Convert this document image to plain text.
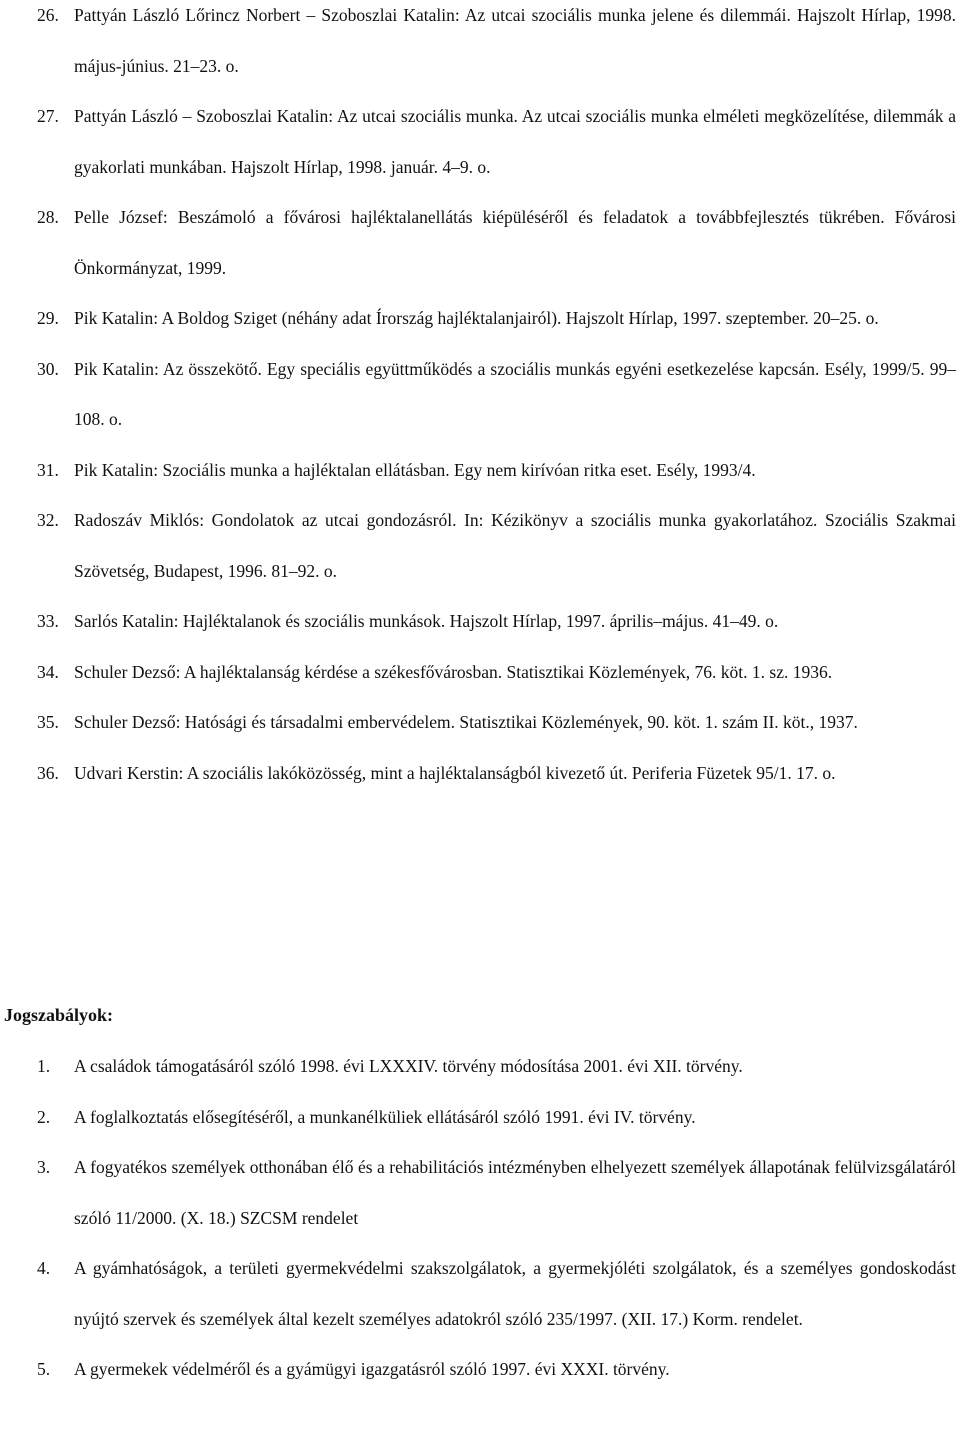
26. Pattyán László Lőrincz Norbert – Szoboszlai Katalin: Az utcai szociális munka jelene és dilemmái. Hajszolt Hírlap, 1998. május-június. 21–23. o.
27. Pattyán László – Szoboszlai Katalin: Az utcai szociális munka. Az utcai szociális munka elméleti megközelítése, dilemmák a gyakorlati munkában. Hajszolt Hírlap, 1998. január. 4–9. o.
28. Pelle József: Beszámoló a fővárosi hajléktalanellátás kiépüléséről és feladatok a továbbfejlesztés tükrében. Fővárosi Önkormányzat, 1999.
29. Pik Katalin: A Boldog Sziget (néhány adat Írország hajléktalanjairól). Hajszolt Hírlap, 1997. szeptember. 20–25. o.
30. Pik Katalin: Az összekötő. Egy speciális együttműködés a szociális munkás egyéni esetkezelése kapcsán. Esély, 1999/5. 99–108. o.
31. Pik Katalin: Szociális munka a hajléktalan ellátásban. Egy nem kirívóan ritka eset. Esély, 1993/4.
32. Radoszáv Miklós: Gondolatok az utcai gondozásról. In: Kézikönyv a szociális munka gyakorlatához. Szociális Szakmai Szövetség, Budapest, 1996. 81–92. o.
33. Sarlós Katalin: Hajléktalanok és szociális munkások. Hajszolt Hírlap, 1997. április–május. 41–49. o.
34. Schuler Dezső: A hajléktalanság kérdése a székesfővárosban. Statisztikai Közlemények, 76. köt. 1. sz. 1936.
35. Schuler Dezső: Hatósági és társadalmi embervédelem. Statisztikai Közlemények, 90. köt. 1. szám II. köt., 1937.
36. Udvari Kerstin: A szociális lakóközösség, mint a hajléktalanságból kivezető út. Periferia Füzetek 95/1. 17. o.
Jogszabályok:
1. A családok támogatásáról szóló 1998. évi LXXXIV. törvény módosítása 2001. évi XII. törvény.
2. A foglalkoztatás elősegítéséről, a munkanélküliek ellátásáról szóló 1991. évi IV. törvény.
3. A fogyatékos személyek otthonában élő és a rehabilitációs intézményben elhelyezett személyek állapotának felülvizsgálatáról szóló 11/2000. (X. 18.) SZCSM rendelet
4. A gyámhatóságok, a területi gyermekvédelmi szakszolgálatok, a gyermekjóléti szolgálatok, és a személyes gondoskodást nyújtó szervek és személyek által kezelt személyes adatokról szóló 235/1997. (XII. 17.) Korm. rendelet.
5. A gyermekek védelméről és a gyámügyi igazgatásról szóló 1997. évi XXXI. törvény.
